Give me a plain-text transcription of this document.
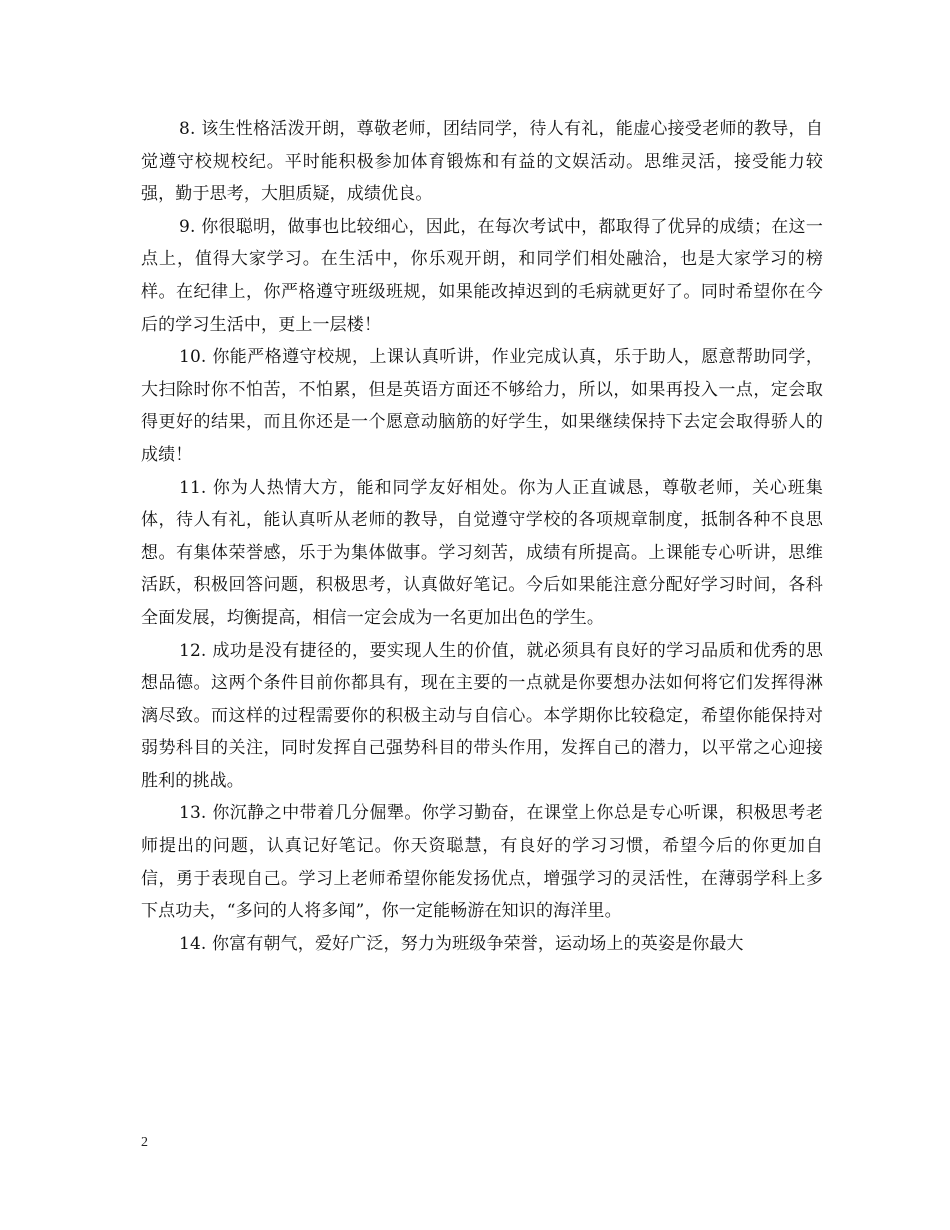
8. 该生性格活泼开朗，尊敬老师，团结同学，待人有礼，能虚心接受老师的教导，自觉遵守校规校纪。平时能积极参加体育锻炼和有益的文娱活动。思维灵活，接受能力较强，勤于思考，大胆质疑，成绩优良。

9. 你很聪明，做事也比较细心，因此，在每次考试中，都取得了优异的成绩；在这一点上，值得大家学习。在生活中，你乐观开朗，和同学们相处融洽，也是大家学习的榜样。在纪律上，你严格遵守班级班规，如果能改掉迟到的毛病就更好了。同时希望你在今后的学习生活中，更上一层楼！

10. 你能严格遵守校规，上课认真听讲，作业完成认真，乐于助人，愿意帮助同学，大扫除时你不怕苦，不怕累，但是英语方面还不够给力，所以，如果再投入一点，定会取得更好的结果，而且你还是一个愿意动脑筋的好学生，如果继续保持下去定会取得骄人的成绩！

11. 你为人热情大方，能和同学友好相处。你为人正直诚恳，尊敬老师，关心班集体，待人有礼，能认真听从老师的教导，自觉遵守学校的各项规章制度，抵制各种不良思想。有集体荣誉感，乐于为集体做事。学习刻苦，成绩有所提高。上课能专心听讲，思维活跃，积极回答问题，积极思考，认真做好笔记。今后如果能注意分配好学习时间，各科全面发展，均衡提高，相信一定会成为一名更加出色的学生。

12. 成功是没有捷径的，要实现人生的价值，就必须具有良好的学习品质和优秀的思想品德。这两个条件目前你都具有，现在主要的一点就是你要想办法如何将它们发挥得淋漓尽致。而这样的过程需要你的积极主动与自信心。本学期你比较稳定，希望你能保持对弱势科目的关注，同时发挥自己强势科目的带头作用，发挥自己的潜力，以平常之心迎接胜利的挑战。

13. 你沉静之中带着几分倔犟。你学习勤奋，在课堂上你总是专心听课，积极思考老师提出的问题，认真记好笔记。你天资聪慧，有良好的学习习惯，希望今后的你更加自信，勇于表现自己。学习上老师希望你能发扬优点，增强学习的灵活性，在薄弱学科上多下点功夫，“多问的人将多闻”，你一定能畅游在知识的海洋里。

14. 你富有朝气，爱好广泛，努力为班级争荣誉，运动场上的英姿是你最大

2
